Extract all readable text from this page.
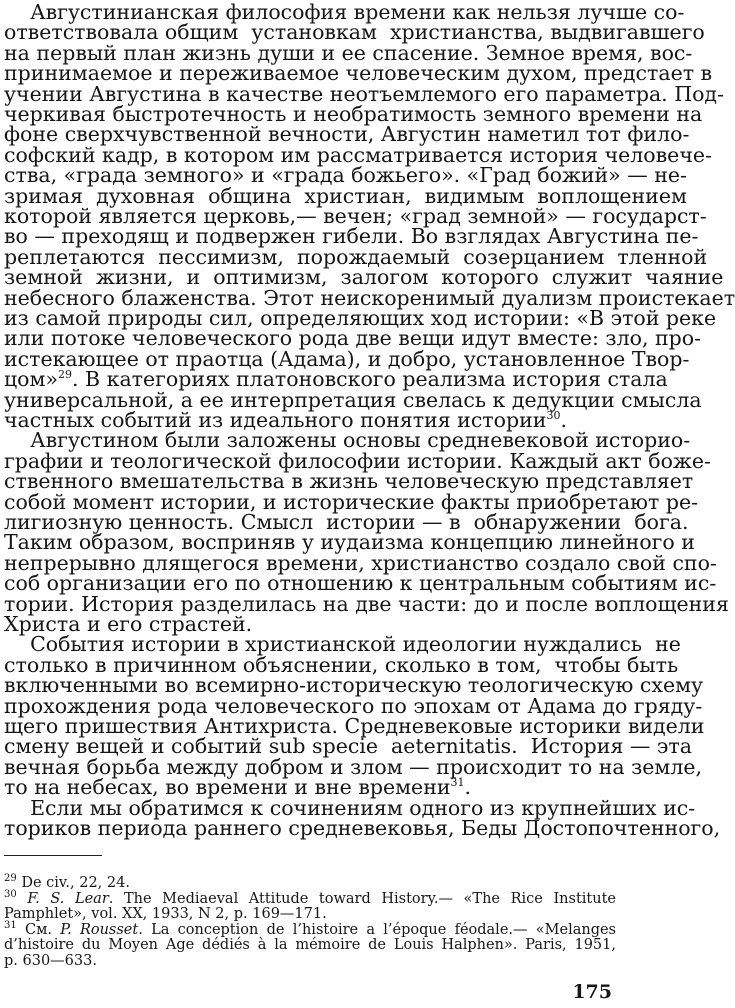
Августинианская философия времени как нельзя лучше со-
ответствовала общим  установкам  христианства, выдвигавшего
на первый план жизнь души и ее спасение. Земное время, вос-
принимаемое и переживаемое человеческим духом, предстает в
учении Августина в качестве неотъемлемого его параметра. Под-
черкивая быстротечность и необратимость земного времени на
фоне сверхчувственной вечности, Августин наметил тот фило-
софский кадр, в котором им рассматривается история человече-
ства, «града земного» и «града божьего». «Град божий» — не-
зримая  духовная  община  христиан,  видимым  воплощением
которой является церковь,— вечен; «град земной» — государст-
во — преходящ и подвержен гибели. Во взглядах Августина пе-
реплетаются  пессимизм,  порождаемый  созерцанием  тленной
земной  жизни,  и  оптимизм,  залогом  которого  служит  чаяние
небесного блаженства. Этот неискоренимый дуализм проистекает
из самой природы сил, определяющих ход истории: «В этой реке
или потоке человеческого рода две вещи идут вместе: зло, про-
истекающее от праотца (Адама), и добро, установленное Твор-
цом»$^{29}$. В категориях платоновского реализма история стала
универсальной, а ее интерпретация свелась к дедукции смысла
частных событий из идеального понятия истории$^{30}$.
Августином были заложены основы средневековой историо-
графии и теологической философии истории. Каждый акт боже-
ственного вмешательства в жизнь человеческую представляет
собой момент истории, и исторические факты приобретают ре-
лигиозную ценность. Смысл  истории — в  обнаружении  бога.
Таким образом, восприняв у иудаизма концепцию линейного и
непрерывно длящегося времени, христианство создало свой спо-
соб организации его по отношению к центральным событиям ис-
тории. История разделилась на две части: до и после воплощения
Христа и его страстей.
События истории в христианской идеологии нуждались  не
столько в причинном объяснении, сколько в том,  чтобы быть
включенными во всемирно-историческую теологическую схему
прохождения рода человеческого по эпохам от Адама до гряду-
щего пришествия Антихриста. Средневековые историки видели
смену вещей и событий sub specie  aeternitatis.  История — эта
вечная борьба между добром и злом — происходит то на земле,
то на небесах, во времени и вне времени$^{31}$.
Если мы обратимся к сочинениям одного из крупнейших ис-
ториков периода раннего средневековья, Беды Достопочтенного,
$^{29}$ De civ., 22, 24.
$^{30}$ F. S. Lear. The Mediaeval Attitude toward History.— «The Rice Institute
Pamphlet», vol. XX, 1933, N 2, p. 169—171.
$^{31}$ См. P. Rousset. La conception de l’histoire a l’époque féodale.— «Melanges
d’histoire du Moyen Age dédiés à la mémoire de Louis Halphen». Paris, 1951,
p. 630—633.
175
